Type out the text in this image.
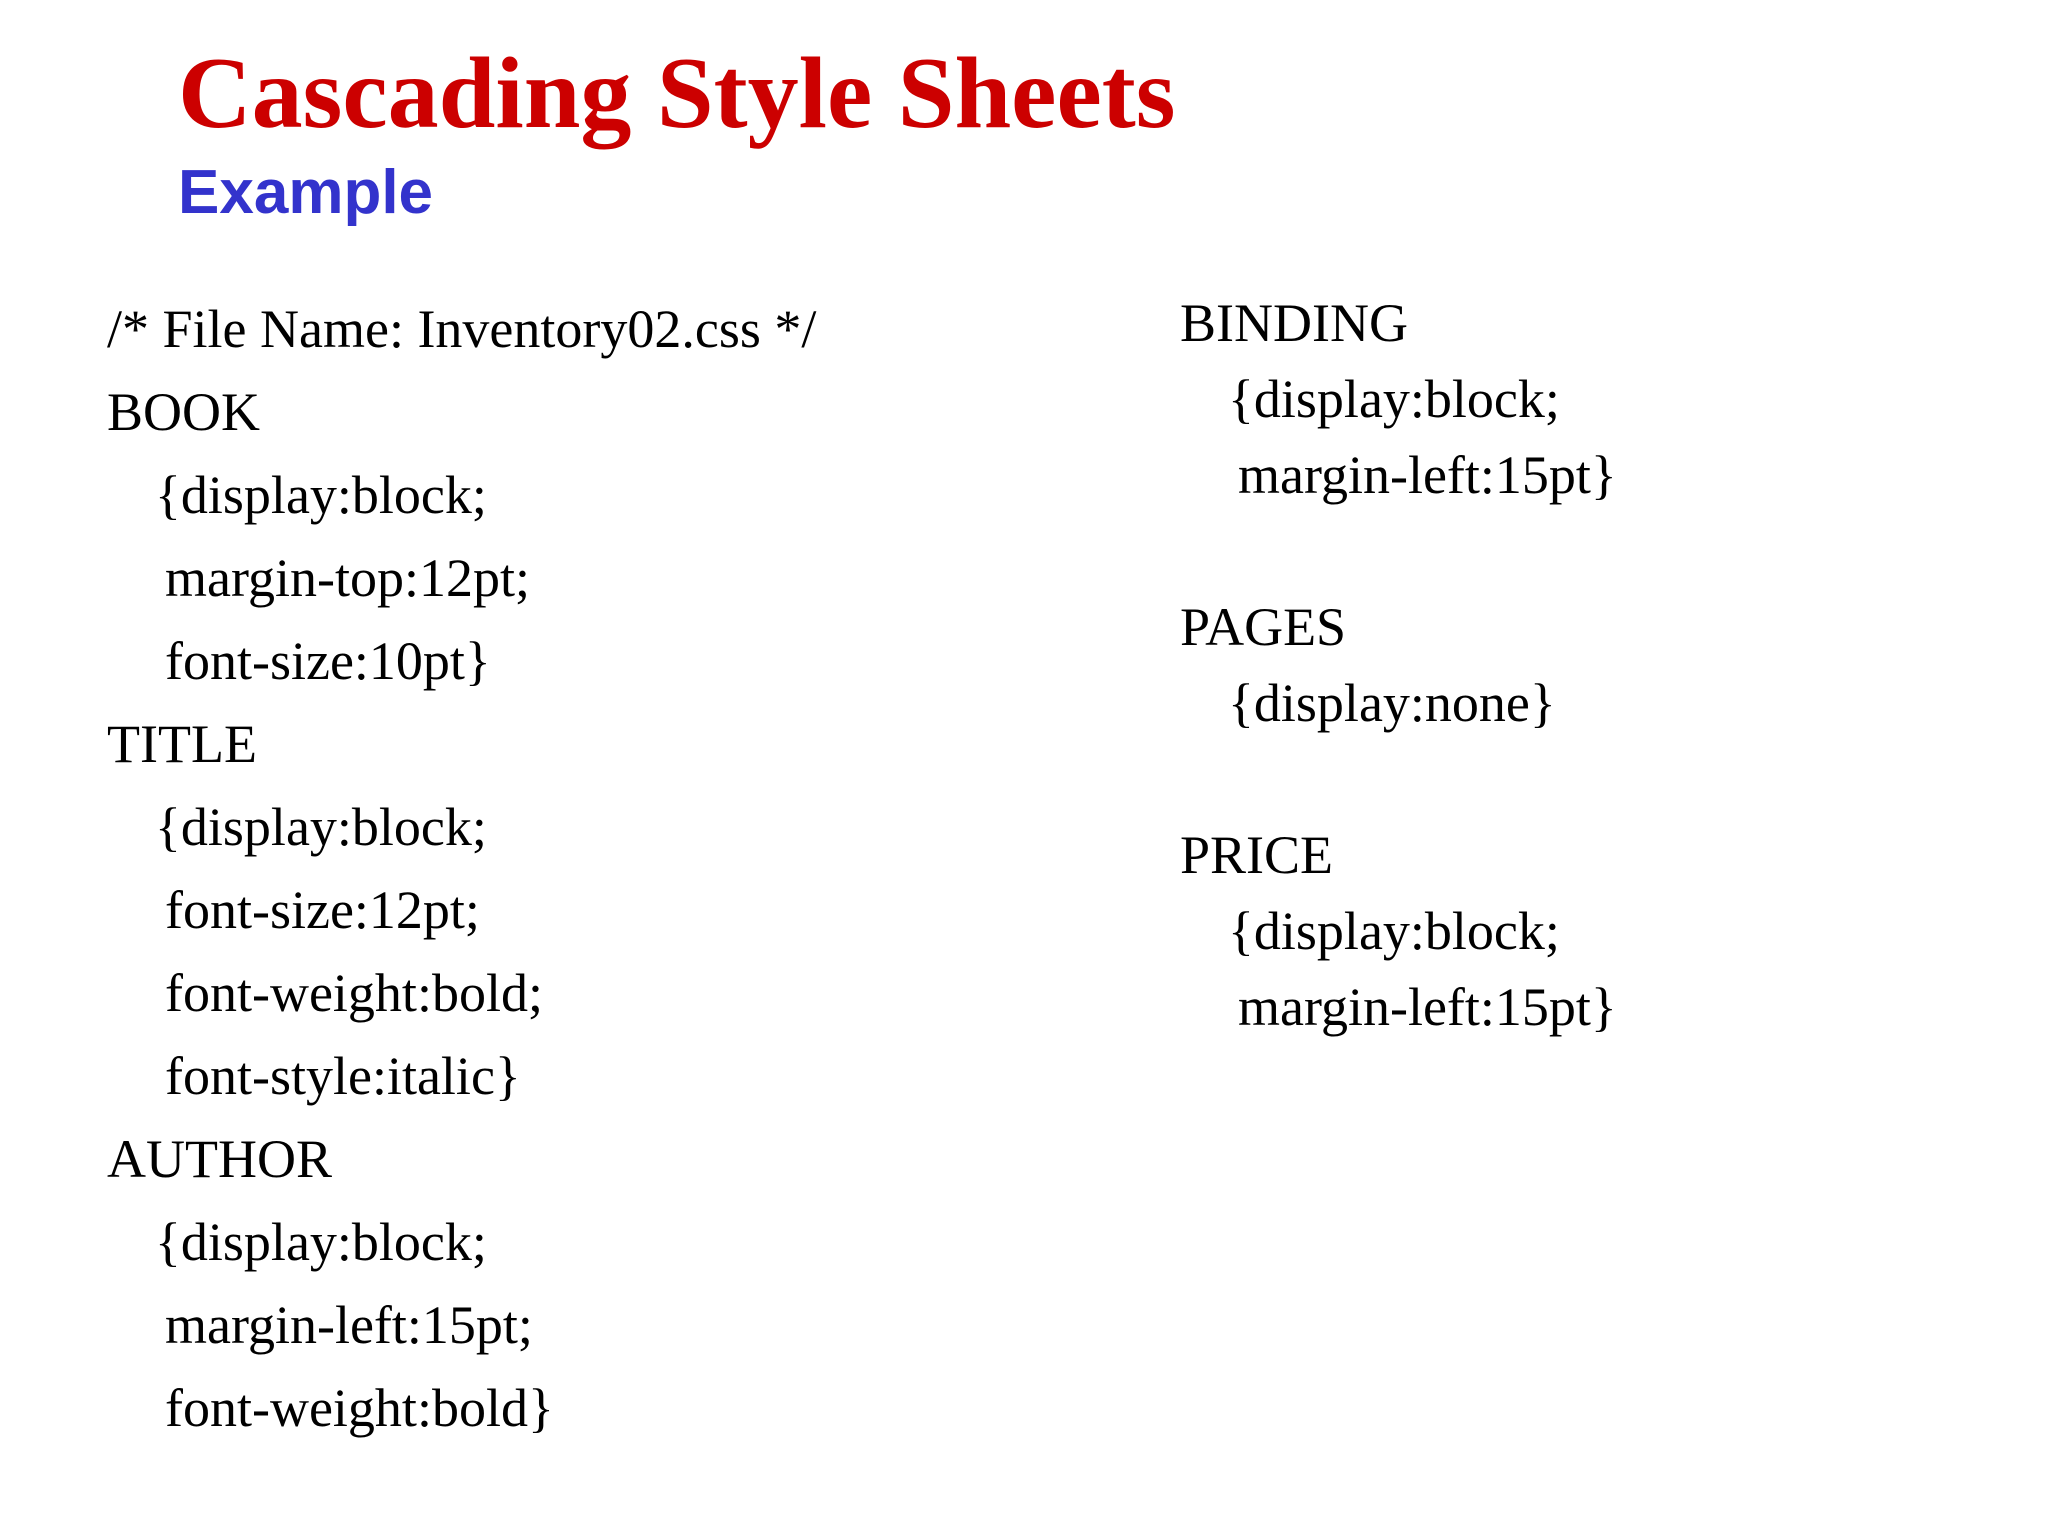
Cascading Style Sheets
Example
/* File Name: Inventory02.css */
BOOK
{display:block;
margin-top:12pt;
font-size:10pt}
TITLE
{display:block;
font-size:12pt;
font-weight:bold;
font-style:italic}
AUTHOR
{display:block;
margin-left:15pt;
font-weight:bold}
BINDING
{display:block;
margin-left:15pt}
PAGES
{display:none}
PRICE
{display:block;
margin-left:15pt}
